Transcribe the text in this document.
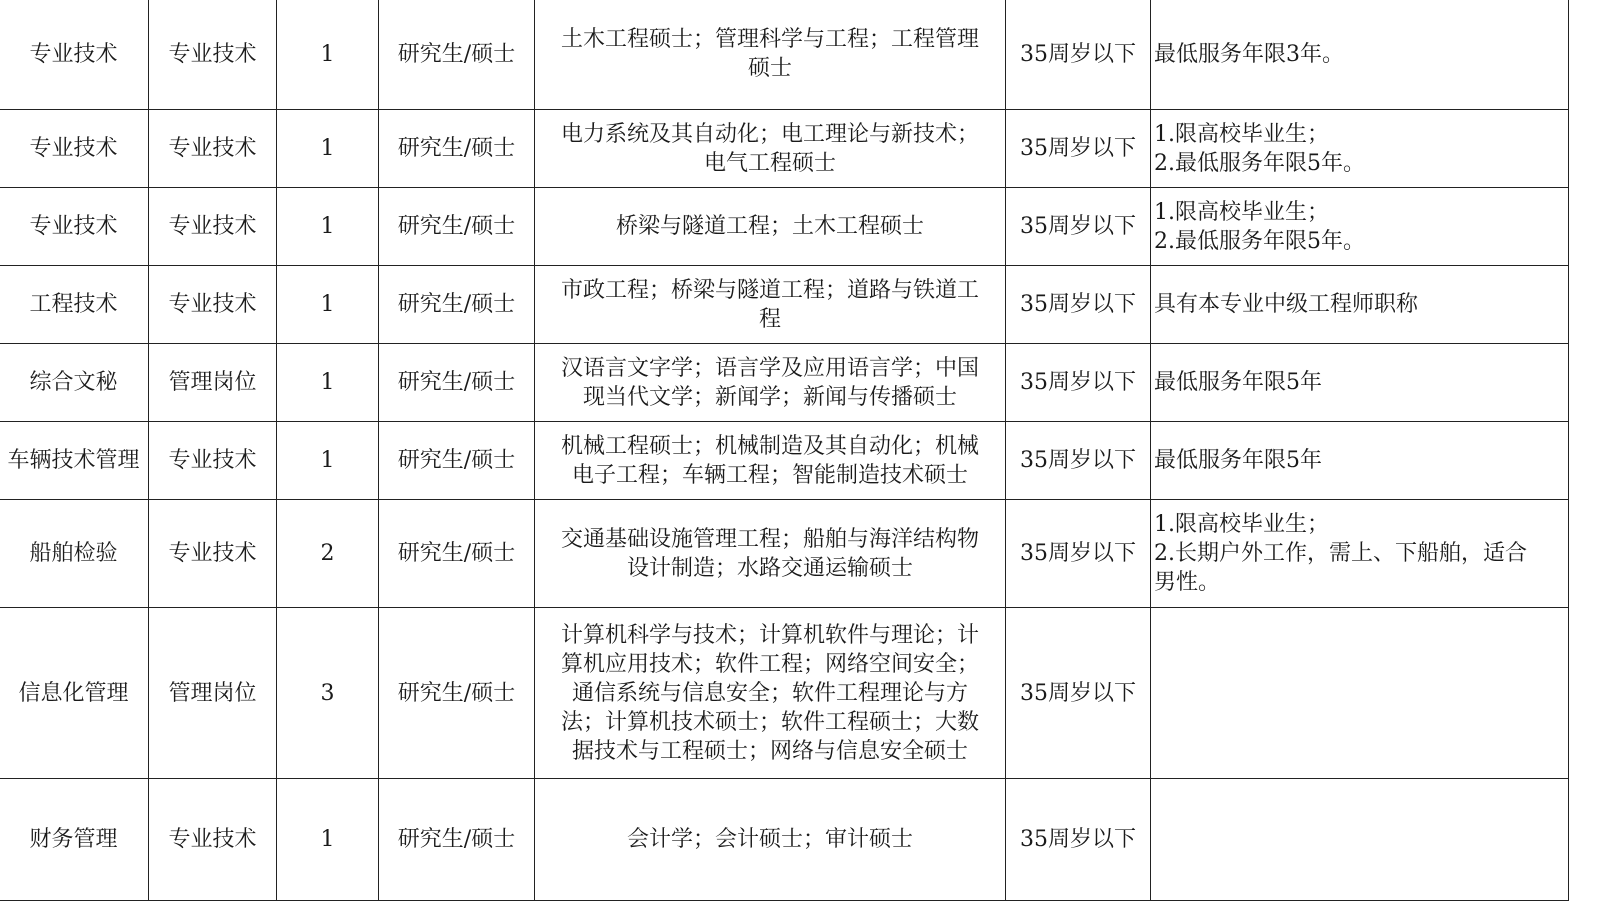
专业技术	专业技术	1	研究生/硕士	土木工程硕士；管理科学与工程；工程管理
硕士	35周岁以下	最低服务年限3年。

专业技术	专业技术	1	研究生/硕士	电力系统及其自动化；电工理论与新技术；
电气工程硕士	35周岁以下	1.限高校毕业生；
2.最低服务年限5年。

专业技术	专业技术	1	研究生/硕士	桥梁与隧道工程；土木工程硕士	35周岁以下	1.限高校毕业生；
2.最低服务年限5年。

工程技术	专业技术	1	研究生/硕士	市政工程；桥梁与隧道工程；道路与铁道工
程	35周岁以下	具有本专业中级工程师职称

综合文秘	管理岗位	1	研究生/硕士	汉语言文字学；语言学及应用语言学；中国
现当代文学；新闻学；新闻与传播硕士	35周岁以下	最低服务年限5年

车辆技术管理	专业技术	1	研究生/硕士	机械工程硕士；机械制造及其自动化；机械
电子工程；车辆工程；智能制造技术硕士	35周岁以下	最低服务年限5年

船舶检验	专业技术	2	研究生/硕士	交通基础设施管理工程；船舶与海洋结构物
设计制造；水路交通运输硕士	35周岁以下	1.限高校毕业生；
2.长期户外工作，需上、下船舶，适合
男性。

信息化管理	管理岗位	3	研究生/硕士	计算机科学与技术；计算机软件与理论；计
算机应用技术；软件工程；网络空间安全；
通信系统与信息安全；软件工程理论与方
法；计算机技术硕士；软件工程硕士；大数
据技术与工程硕士；网络与信息安全硕士	35周岁以下	
财务管理	专业技术	1	研究生/硕士	会计学；会计硕士；审计硕士	35周岁以下	
